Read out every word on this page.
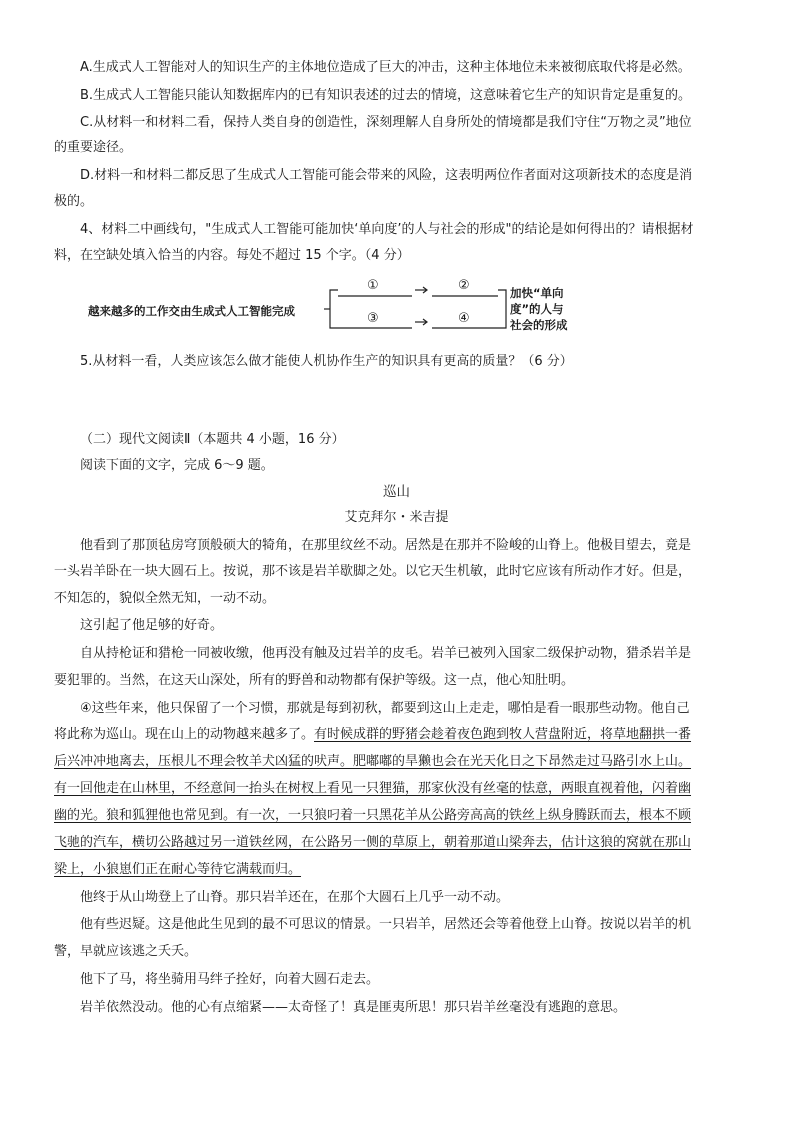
A.生成式人工智能对人的知识生产的主体地位造成了巨大的冲击，这种主体地位未来被彻底取代将是必然。
B.生成式人工智能只能认知数据库内的已有知识表述的过去的情境，这意味着它生产的知识肯定是重复的。
C.从材料一和材料二看，保持人类自身的创造性，深刻理解人自身所处的情境都是我们守住“万物之灵”地位
的重要途径。
D.材料一和材料二都反思了生成式人工智能可能会带来的风险，这表明两位作者面对这项新技术的态度是消
极的。
4、材料二中画线句，"生成式人工智能可能加快‘单向度’的人与社会的形成"的结论是如何得出的？请根据材
料，在空缺处填入恰当的内容。每处不超过 15 个字。（4 分）
越来越多的工作交由生成式人工智能完成
①	②
③	④
加快“单向
度”的人与
社会的形成
5.从材料一看，人类应该怎么做才能使人机协作生产的知识具有更高的质量？（6 分）
（二）现代文阅读Ⅱ（本题共 4 小题，16 分）
阅读下面的文字，完成 6～9 题。
巡山
艾克拜尔・米吉提
他看到了那顶毡房穹顶般硕大的犄角，在那里纹丝不动。居然是在那并不险峻的山脊上。他极目望去，竟是
一头岩羊卧在一块大圆石上。按说，那不该是岩羊歇脚之处。以它天生机敏，此时它应该有所动作才好。但是，
不知怎的，貌似全然无知，一动不动。
这引起了他足够的好奇。
自从持枪证和猎枪一同被收缴，他再没有触及过岩羊的皮毛。岩羊已被列入国家二级保护动物，猎杀岩羊是
要犯罪的。当然，在这天山深处，所有的野兽和动物都有保护等级。这一点，他心知肚明。
④这些年来，他只保留了一个习惯，那就是每到初秋，都要到这山上走走，哪怕是看一眼那些动物。他自己
将此称为巡山。现在山上的动物越来越多了。有时候成群的野猪会趁着夜色跑到牧人营盘附近，将草地翻拱一番
后兴冲冲地离去，压根儿不理会牧羊犬凶猛的吠声。肥嘟嘟的旱獭也会在光天化日之下昂然走过马路引水上山。
有一回他走在山林里，不经意间一抬头在树杈上看见一只狸猫，那家伙没有丝毫的怯意，两眼直视着他，闪着幽
幽的光。狼和狐狸他也常见到。有一次，一只狼叼着一只黑花羊从公路旁高高的铁丝上纵身腾跃而去，根本不顾
飞驰的汽车，横切公路越过另一道铁丝网，在公路另一侧的草原上，朝着那道山梁奔去，估计这狼的窝就在那山
梁上，小狼崽们正在耐心等待它满载而归。
他终于从山坳登上了山脊。那只岩羊还在，在那个大圆石上几乎一动不动。
他有些迟疑。这是他此生见到的最不可思议的情景。一只岩羊，居然还会等着他登上山脊。按说以岩羊的机
警，早就应该逃之夭夭。
他下了马，将坐骑用马绊子拴好，向着大圆石走去。
岩羊依然没动。他的心有点缩紧——太奇怪了！真是匪夷所思！那只岩羊丝毫没有逃跑的意思。
